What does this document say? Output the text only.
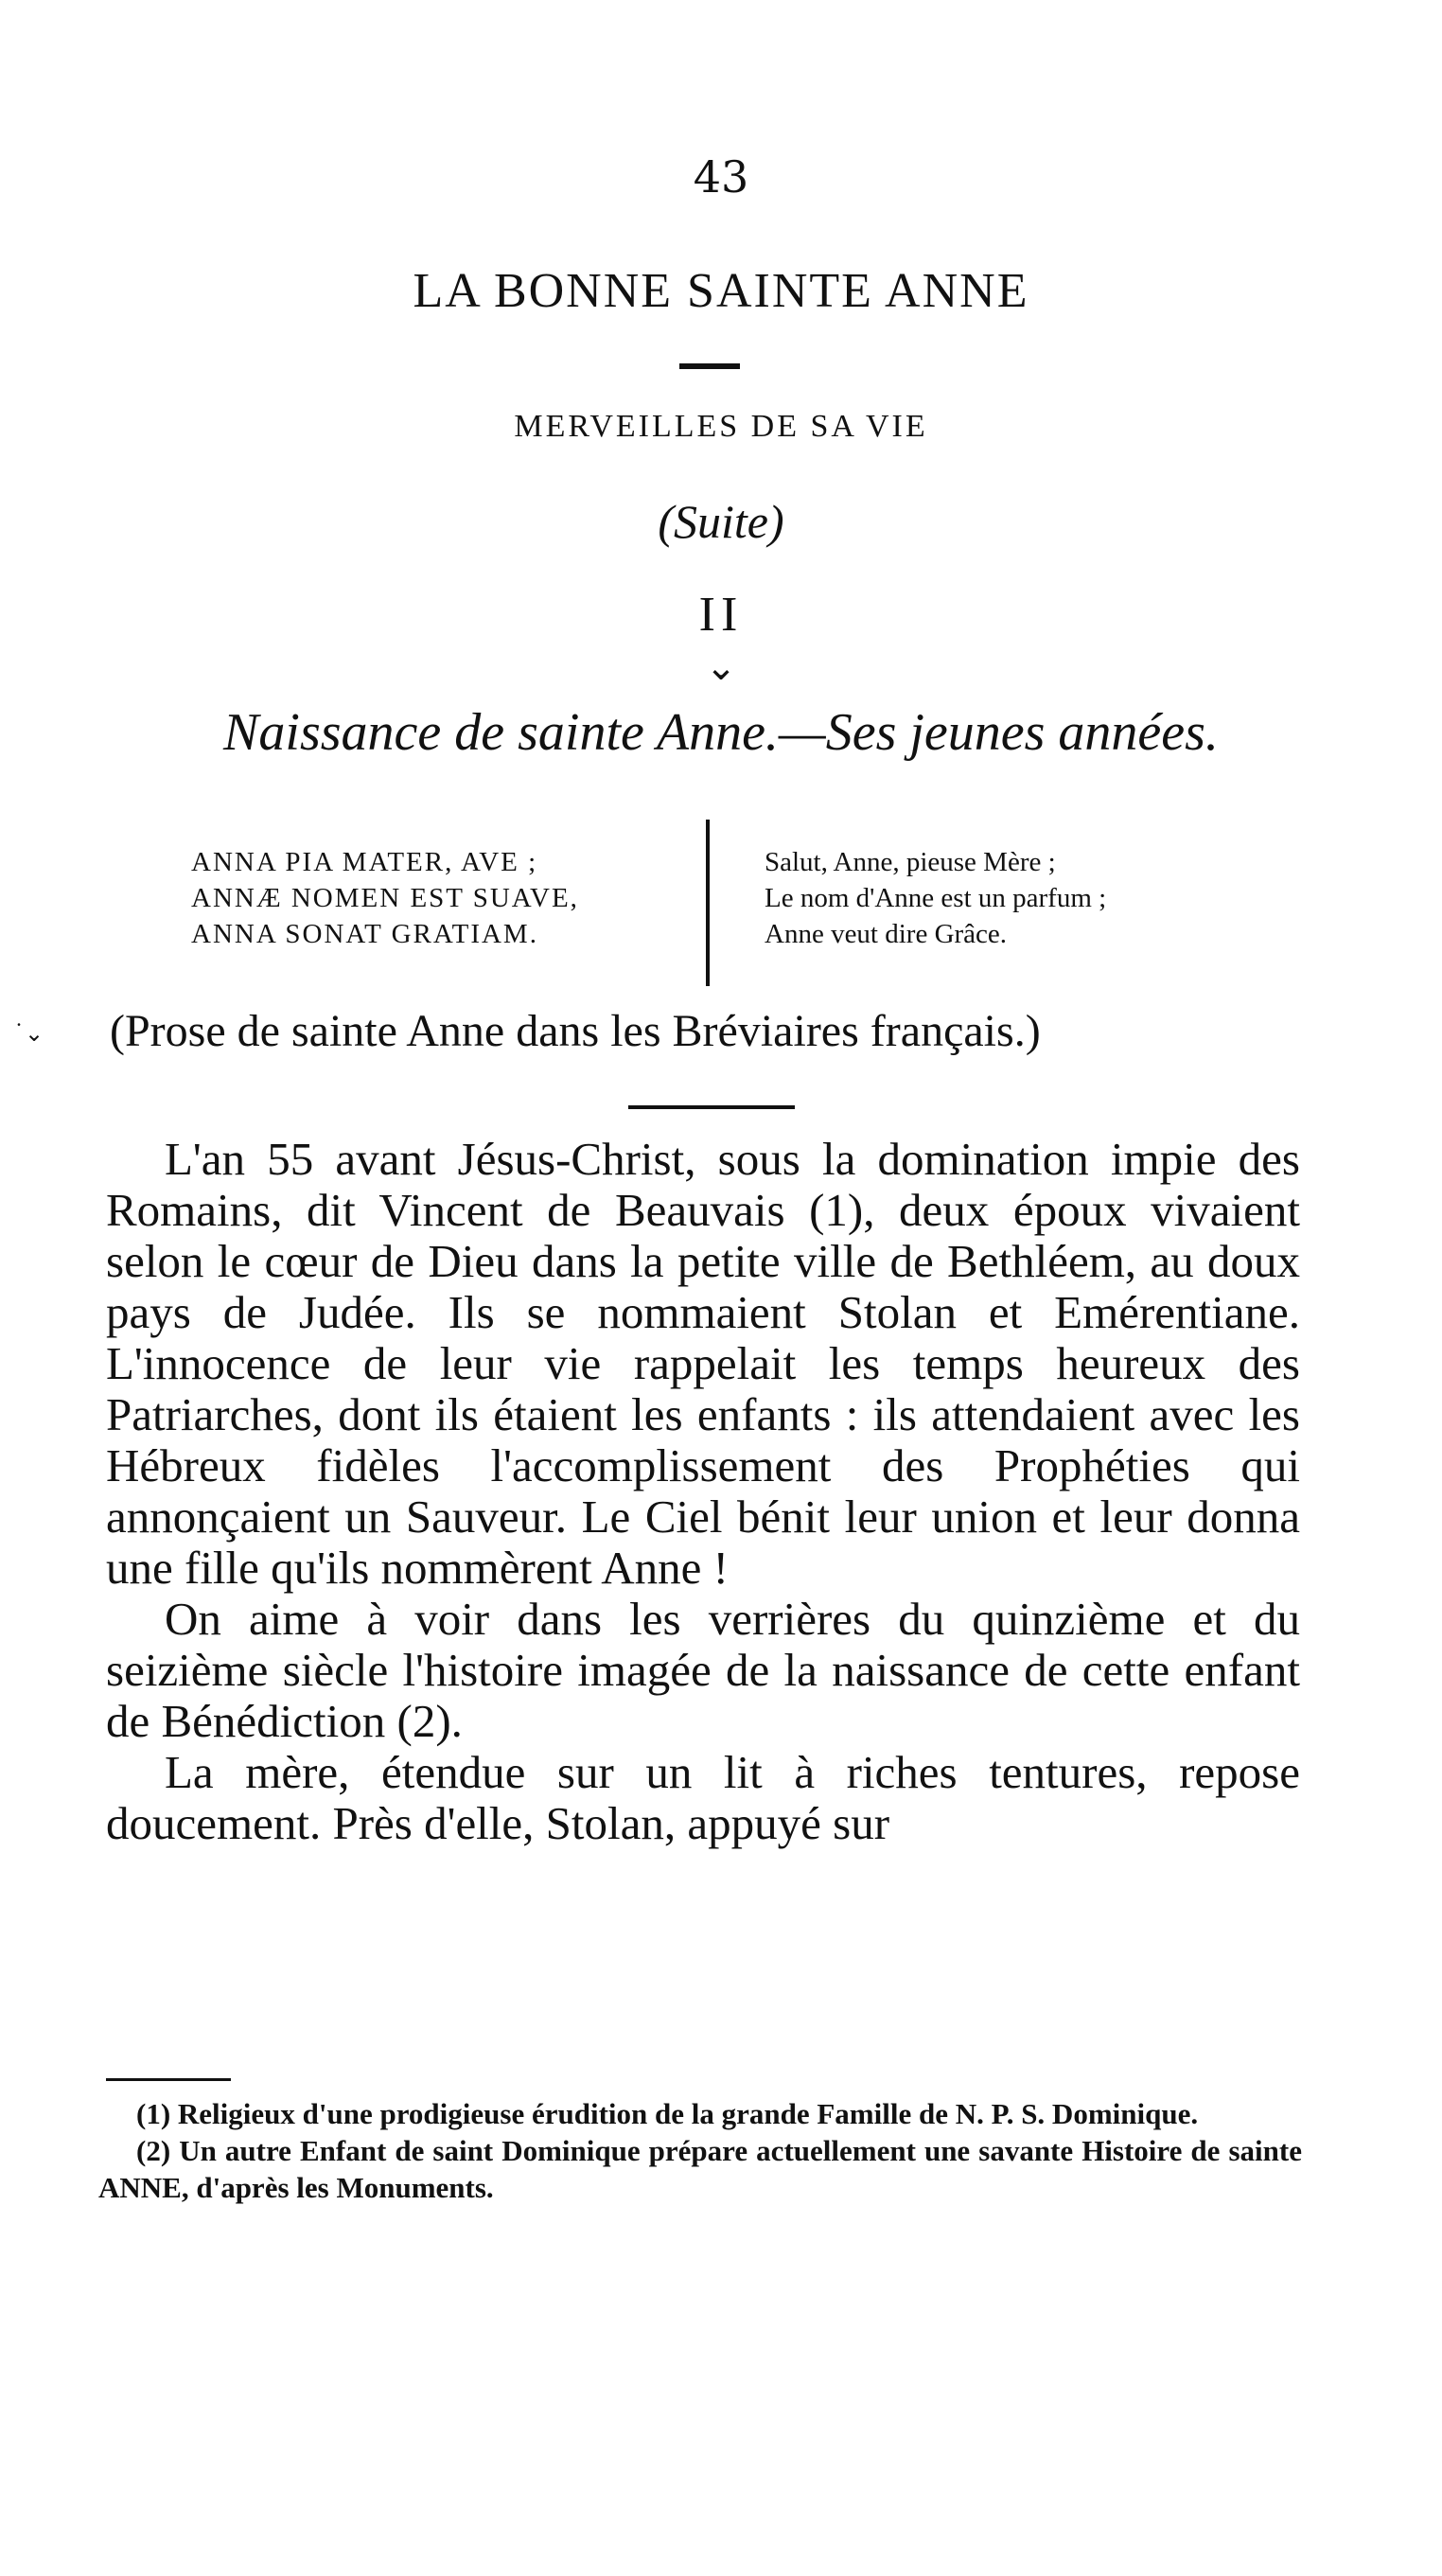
43
LA BONNE SAINTE ANNE
MERVEILLES DE SA VIE
(Suite)
II
⌄
Naissance de sainte Anne.—Ses jeunes années.
ANNA PIA MATER, AVE ;
ANNÆ NOMEN EST SUAVE,
ANNA SONAT GRATIAM.
Salut, Anne, pieuse Mère ;
Le nom d'Anne est un parfum ;
Anne veut dire Grâce.
˙⌄ (Prose de sainte Anne dans les Bréviaires français.)

L'an 55 avant Jésus-Christ, sous la domination impie des Romains, dit Vincent de Beauvais (1), deux époux vivaient selon le cœur de Dieu dans la petite ville de Bethléem, au doux pays de Judée. Ils se nommaient Stolan et Emérentiane. L'innocence de leur vie rappelait les temps heureux des Patriarches, dont ils étaient les enfants : ils attendaient avec les Hébreux fidèles l'accomplissement des Prophéties qui annonçaient un Sauveur. Le Ciel bénit leur union et leur donna une fille qu'ils nommèrent Anne !

On aime à voir dans les verrières du quinzième et du seizième siècle l'histoire imagée de la naissance de cette enfant de Bénédiction (2).

La mère, étendue sur un lit à riches tentures, repose doucement. Près d'elle, Stolan, appuyé sur

(1) Religieux d'une prodigieuse érudition de la grande Famille de N. P. S. Dominique.

(2) Un autre Enfant de saint Dominique prépare actuellement une savante Histoire de sainte ANNE, d'après les Monuments.
